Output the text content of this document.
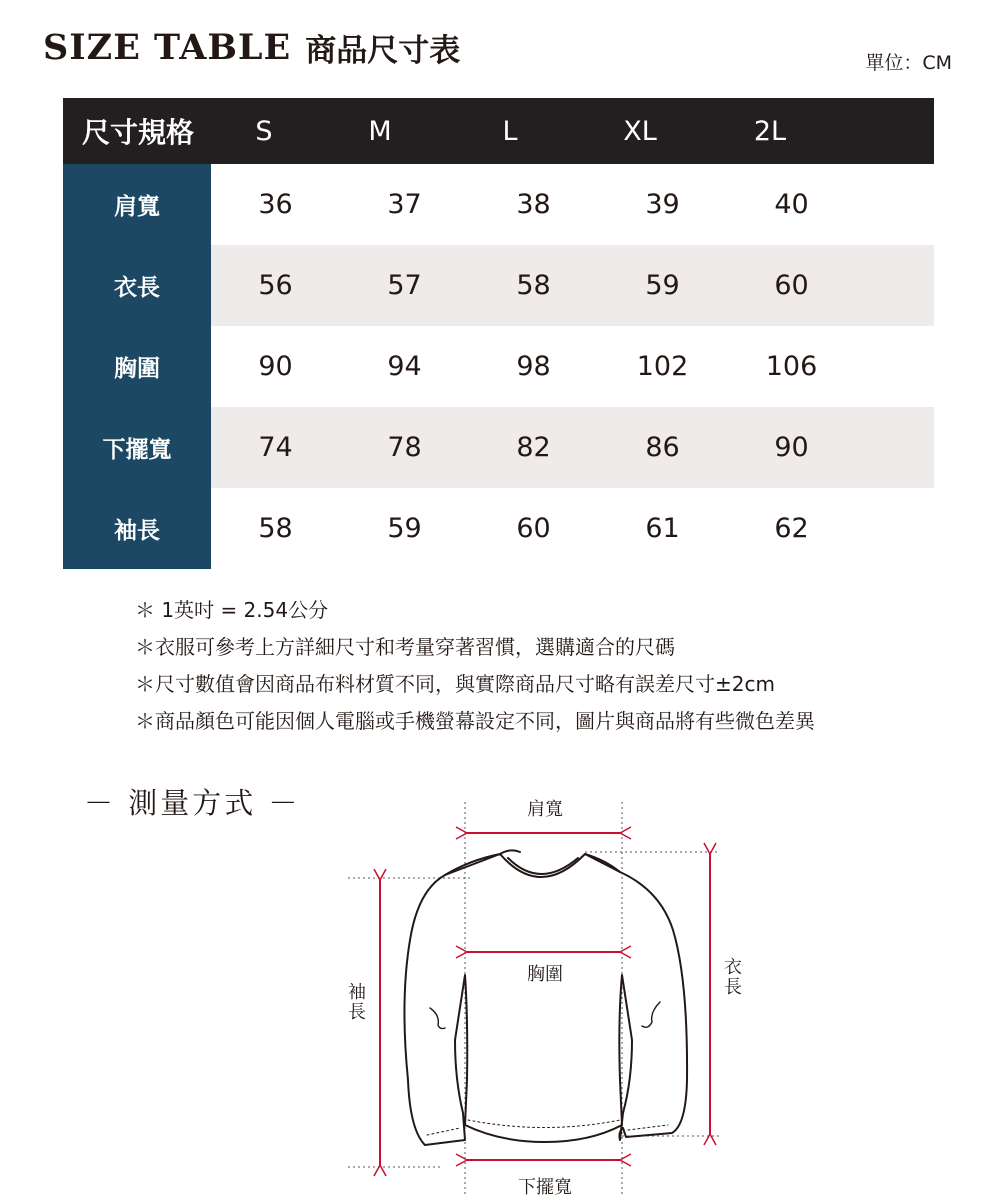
SIZE TABLE 商品尺寸表	單位：CM
尺寸規格	S	M	L	XL	2L
肩寬	36	37	38	39	40
衣長	56	57	58	59	60
胸圍	90	94	98	102	106
下擺寬	74	78	82	86	90
袖長	58	59	60	61	62
＊ 1英吋 = 2.54公分
＊衣服可參考上方詳細尺寸和考量穿著習慣，選購適合的尺碼
＊尺寸數值會因商品布料材質不同，與實際商品尺寸略有誤差尺寸±2cm
＊商品顏色可能因個人電腦或手機螢幕設定不同，圖片與商品將有些微色差異
－ 測量方式 －	肩寬
胸圍
下擺寬
袖
長
衣
長
